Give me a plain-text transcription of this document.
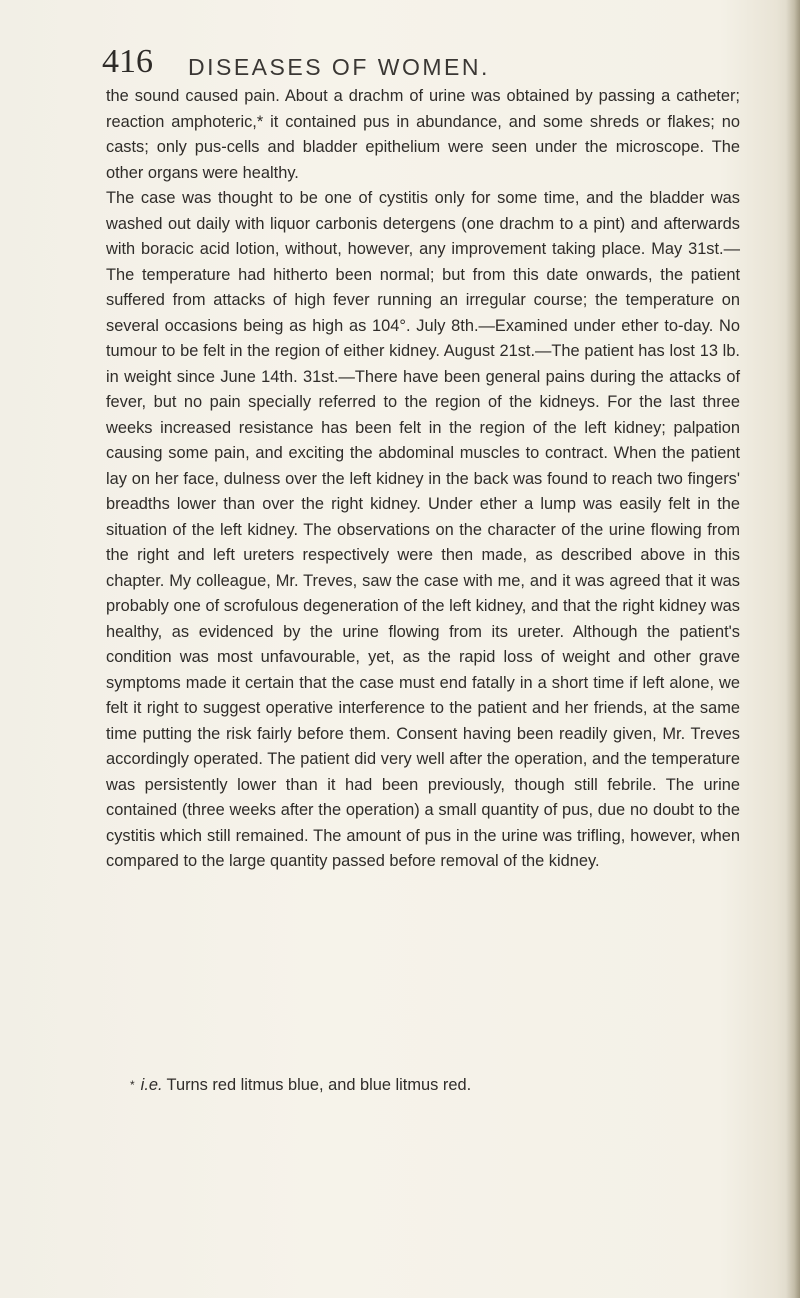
416 DISEASES OF WOMEN.

the sound caused pain. About a drachm of urine was obtained by passing a catheter; reaction amphoteric,* it contained pus in abundance, and some shreds or flakes; no casts; only pus-cells and bladder epithelium were seen under the microscope. The other organs were healthy.

The case was thought to be one of cystitis only for some time, and the bladder was washed out daily with liquor carbonis detergens (one drachm to a pint) and afterwards with boracic acid lotion, without, however, any improvement taking place. May 31st.—The temperature had hitherto been normal; but from this date onwards, the patient suffered from attacks of high fever running an irregular course; the temperature on several occasions being as high as 104°. July 8th.—Examined under ether to-day. No tumour to be felt in the region of either kidney. August 21st.—The patient has lost 13 lb. in weight since June 14th. 31st.—There have been general pains during the attacks of fever, but no pain specially referred to the region of the kidneys. For the last three weeks increased resistance has been felt in the region of the left kidney; palpation causing some pain, and exciting the abdominal muscles to contract. When the patient lay on her face, dulness over the left kidney in the back was found to reach two fingers' breadths lower than over the right kidney. Under ether a lump was easily felt in the situation of the left kidney. The observations on the character of the urine flowing from the right and left ureters respectively were then made, as described above in this chapter. My colleague, Mr. Treves, saw the case with me, and it was agreed that it was probably one of scrofulous degeneration of the left kidney, and that the right kidney was healthy, as evidenced by the urine flowing from its ureter. Although the patient's condition was most unfavourable, yet, as the rapid loss of weight and other grave symptoms made it certain that the case must end fatally in a short time if left alone, we felt it right to suggest operative interference to the patient and her friends, at the same time putting the risk fairly before them. Consent having been readily given, Mr. Treves accordingly operated. The patient did very well after the operation, and the temperature was persistently lower than it had been previously, though still febrile. The urine contained (three weeks after the operation) a small quantity of pus, due no doubt to the cystitis which still remained. The amount of pus in the urine was trifling, however, when compared to the large quantity passed before removal of the kidney.

* i.e. Turns red litmus blue, and blue litmus red.
